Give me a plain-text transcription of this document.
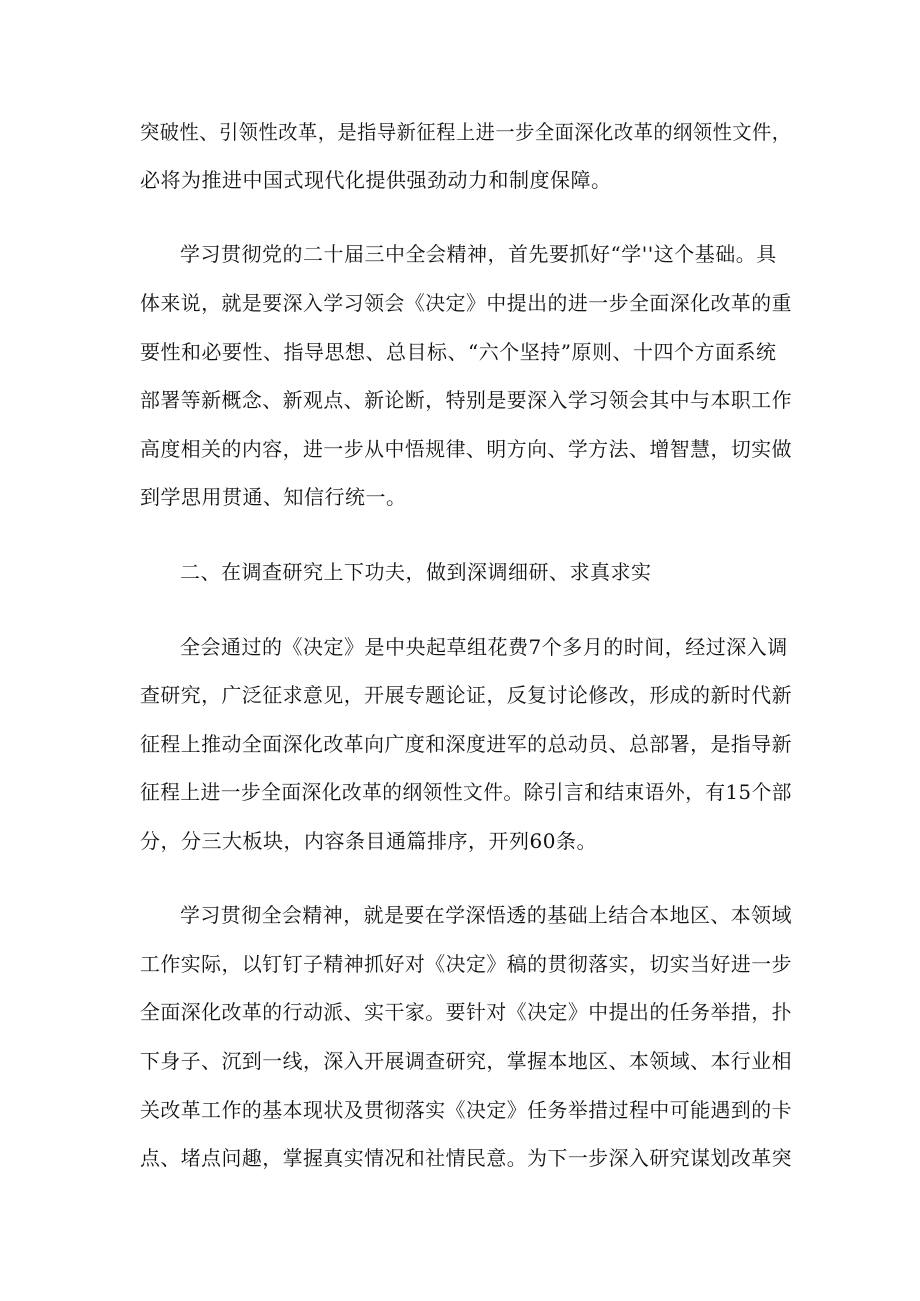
突破性、引领性改革，是指导新征程上进一步全面深化改革的纲领性文件，
必将为推进中国式现代化提供强劲动力和制度保障。
学习贯彻党的二十届三中全会精神，首先要抓好“学''这个基础。具
体来说，就是要深入学习领会《决定》中提出的进一步全面深化改革的重
要性和必要性、指导思想、总目标、“六个坚持”原则、十四个方面系统
部署等新概念、新观点、新论断，特别是要深入学习领会其中与本职工作
高度相关的内容，进一步从中悟规律、明方向、学方法、增智慧，切实做
到学思用贯通、知信行统一。
二、在调查研究上下功夫，做到深调细研、求真求实
全会通过的《决定》是中央起草组花费7个多月的时间，经过深入调
查研究，广泛征求意见，开展专题论证，反复讨论修改，形成的新时代新
征程上推动全面深化改革向广度和深度进军的总动员、总部署，是指导新
征程上进一步全面深化改革的纲领性文件。除引言和结束语外，有15个部
分，分三大板块，内容条目通篇排序，开列60条。
学习贯彻全会精神，就是要在学深悟透的基础上结合本地区、本领域
工作实际，以钉钉子精神抓好对《决定》稿的贯彻落实，切实当好进一步
全面深化改革的行动派、实干家。要针对《决定》中提出的任务举措，扑
下身子、沉到一线，深入开展调查研究，掌握本地区、本领域、本行业相
关改革工作的基本现状及贯彻落实《决定》任务举措过程中可能遇到的卡
点、堵点问趣，掌握真实情况和社情民意。为下一步深入研究谋划改革突
